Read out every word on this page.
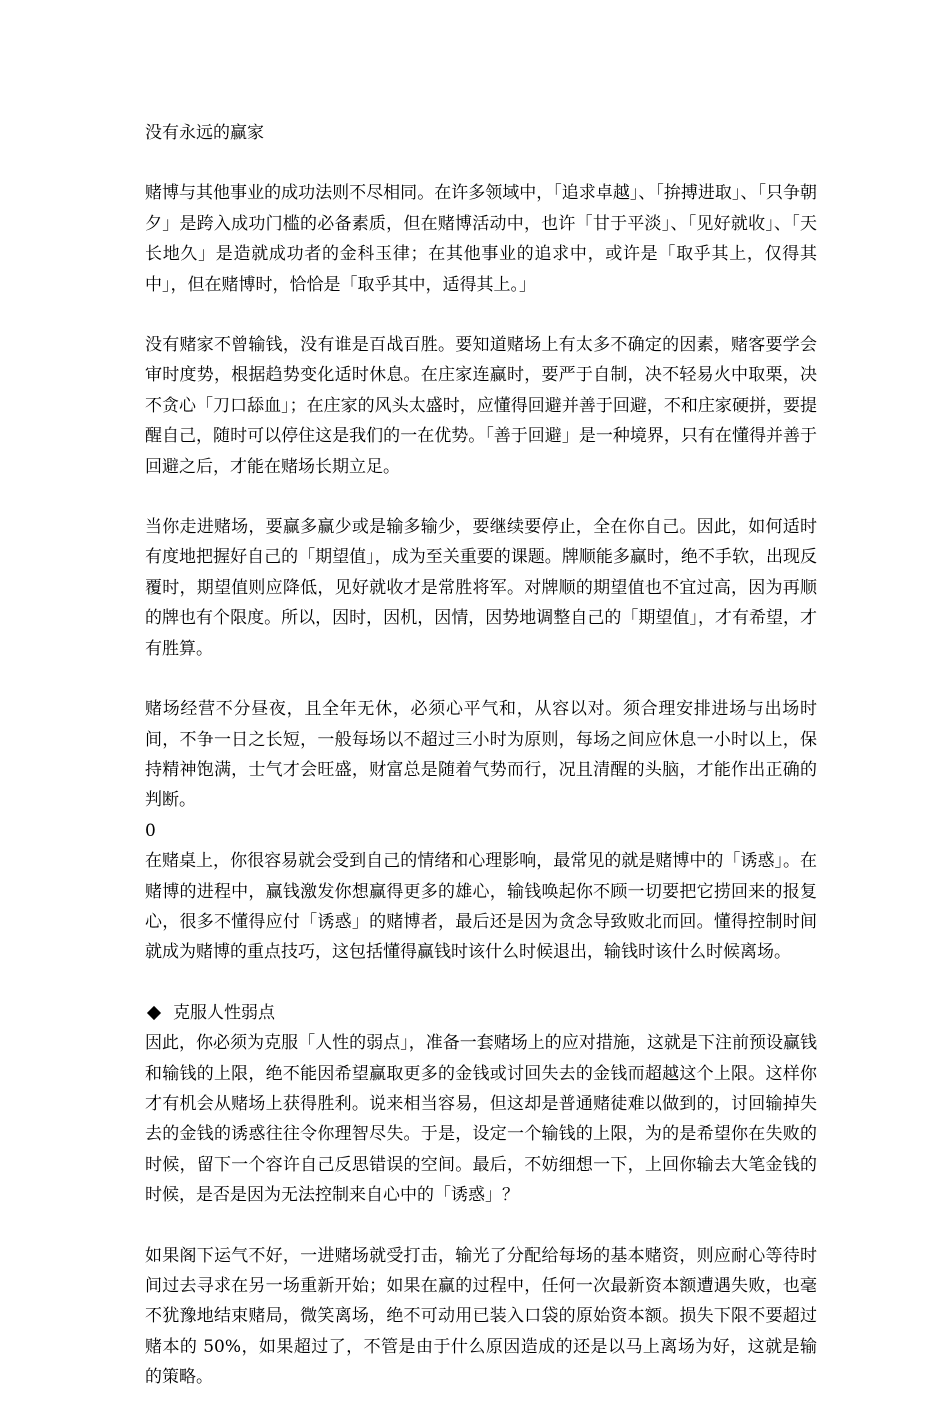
没有永远的赢家

赌博与其他事业的成功法则不尽相同。在许多领域中，「追求卓越」、「拚搏进取」、「只争朝夕」是跨入成功门槛的必备素质，但在赌博活动中，也许「甘于平淡」、「见好就收」、「天长地久」是造就成功者的金科玉律；在其他事业的追求中，或许是「取乎其上，仅得其中」，但在赌博时，恰恰是「取乎其中，适得其上。」

没有赌家不曾输钱，没有谁是百战百胜。要知道赌场上有太多不确定的因素，赌客要学会审时度势，根据趋势变化适时休息。在庄家连赢时，要严于自制，决不轻易火中取栗，决不贪心「刀口舔血」；在庄家的风头太盛时，应懂得回避并善于回避，不和庄家硬拼，要提醒自己，随时可以停住这是我们的一在优势。「善于回避」是一种境界，只有在懂得并善于回避之后，才能在赌场长期立足。

当你走进赌场，要赢多赢少或是输多输少，要继续要停止，全在你自己。因此，如何适时有度地把握好自己的「期望值」，成为至关重要的课题。牌顺能多赢时，绝不手软，出现反覆时，期望值则应降低，见好就收才是常胜将军。对牌顺的期望值也不宜过高，因为再顺的牌也有个限度。所以，因时，因机，因情，因势地调整自己的「期望值」，才有希望，才有胜算。

赌场经营不分昼夜，且全年无休，必须心平气和，从容以对。须合理安排进场与出场时间，不争一日之长短，一般每场以不超过三小时为原则，每场之间应休息一小时以上，保持精神饱满，士气才会旺盛，财富总是随着气势而行，况且清醒的头脑，才能作出正确的判断。

0

在赌桌上，你很容易就会受到自己的情绪和心理影响，最常见的就是赌博中的「诱惑」。在赌博的进程中，赢钱激发你想赢得更多的雄心，输钱唤起你不顾一切要把它捞回来的报复心，很多不懂得应付「诱惑」的赌博者，最后还是因为贪念导致败北而回。懂得控制时间就成为赌博的重点技巧，这包括懂得赢钱时该什么时候退出，输钱时该什么时候离场。

克服人性弱点

因此，你必须为克服「人性的弱点」，准备一套赌场上的应对措施，这就是下注前预设赢钱和输钱的上限，绝不能因希望赢取更多的金钱或讨回失去的金钱而超越这个上限。这样你才有机会从赌场上获得胜利。说来相当容易，但这却是普通赌徒难以做到的，讨回输掉失去的金钱的诱惑往往令你理智尽失。于是，设定一个输钱的上限，为的是希望你在失败的时候，留下一个容许自己反思错误的空间。最后，不妨细想一下，上回你输去大笔金钱的时候，是否是因为无法控制来自心中的「诱惑」？

如果阁下运气不好，一进赌场就受打击，输光了分配给每场的基本赌资，则应耐心等待时间过去寻求在另一场重新开始；如果在赢的过程中，任何一次最新资本额遭遇失败，也毫不犹豫地结束赌局，微笑离场，绝不可动用已装入口袋的原始资本额。损失下限不要超过赌本的 50%，如果超过了，不管是由于什么原因造成的还是以马上离场为好，这就是输的策略。
